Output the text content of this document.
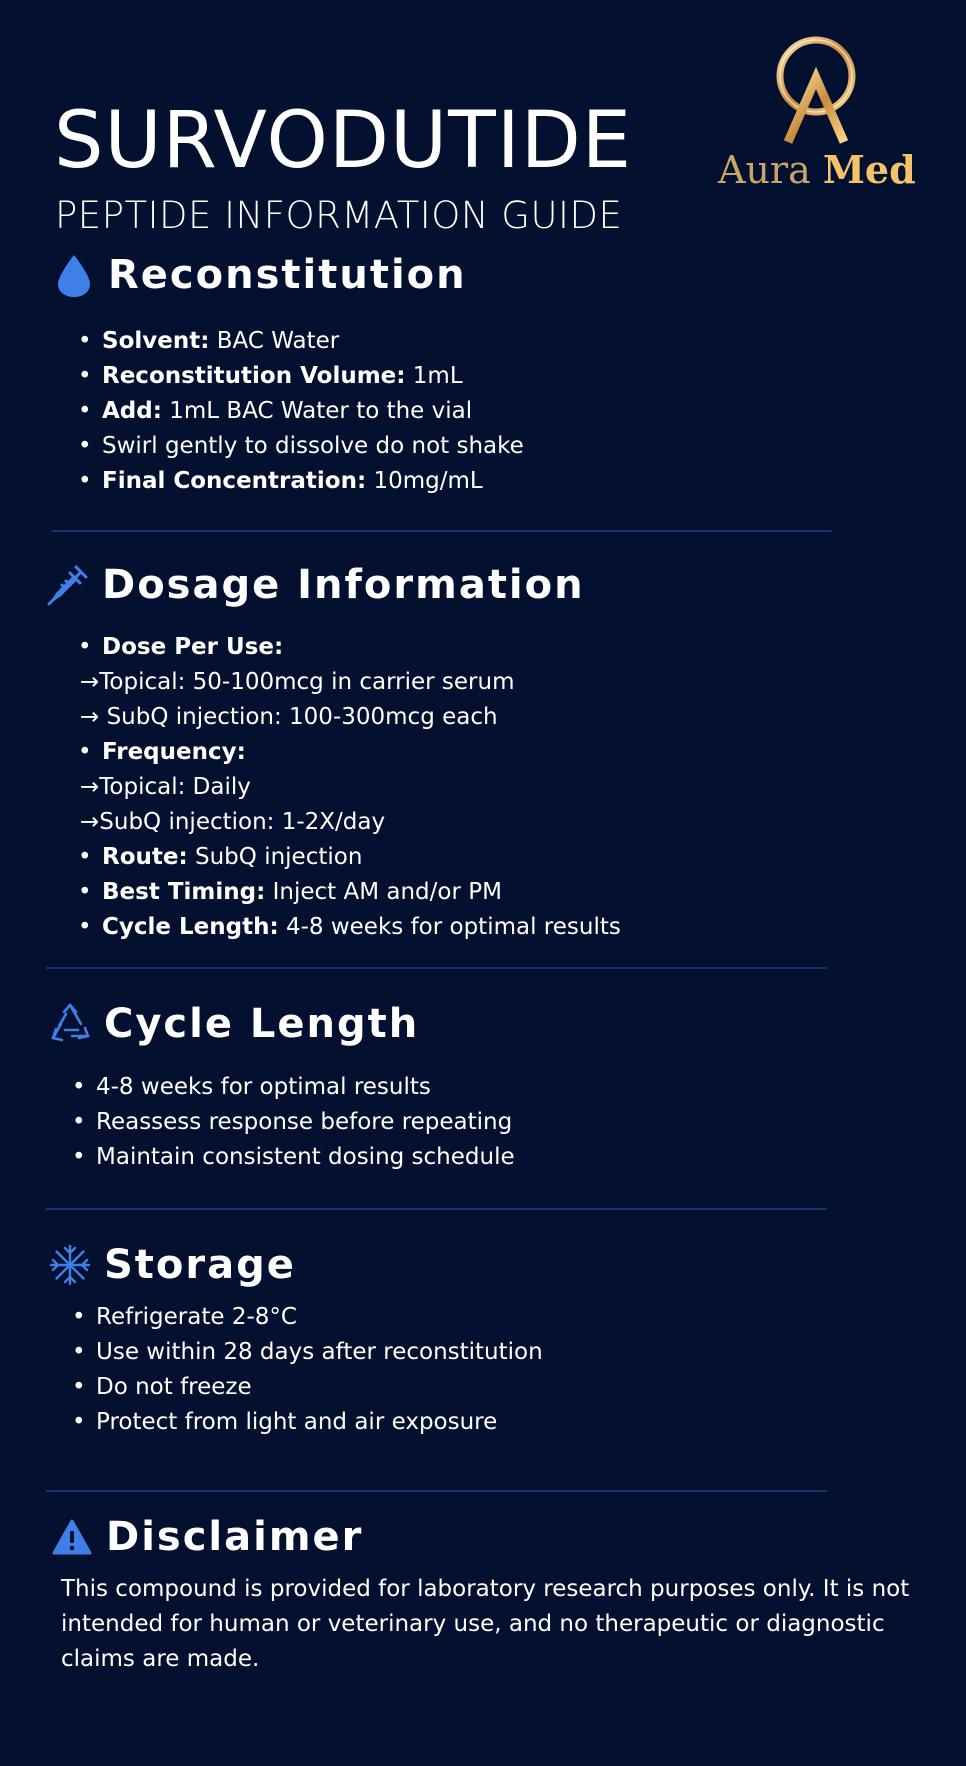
SURVODUTIDE

PEPTIDE INFORMATION GUIDE

Aura Med
Reconstitution
• Solvent: BAC Water
• Reconstitution Volume: 1mL
• Add: 1mL BAC Water to the vial
• Swirl gently to dissolve do not shake
• Final Concentration: 10mg/mL
Dosage Information
• Dose Per Use:
→Topical: 50-100mcg in carrier serum
→ SubQ injection: 100-300mcg each
• Frequency:
→Topical: Daily
→SubQ injection: 1-2X/day
• Route: SubQ injection
• Best Timing: Inject AM and/or PM
• Cycle Length: 4-8 weeks for optimal results
Cycle Length
• 4-8 weeks for optimal results
• Reassess response before repeating
• Maintain consistent dosing schedule
Storage
• Refrigerate 2-8°C
• Use within 28 days after reconstitution
• Do not freeze
• Protect from light and air exposure
Disclaimer

This compound is provided for laboratory research purposes only. It is not intended for human or veterinary use, and no therapeutic or diagnostic claims are made.
